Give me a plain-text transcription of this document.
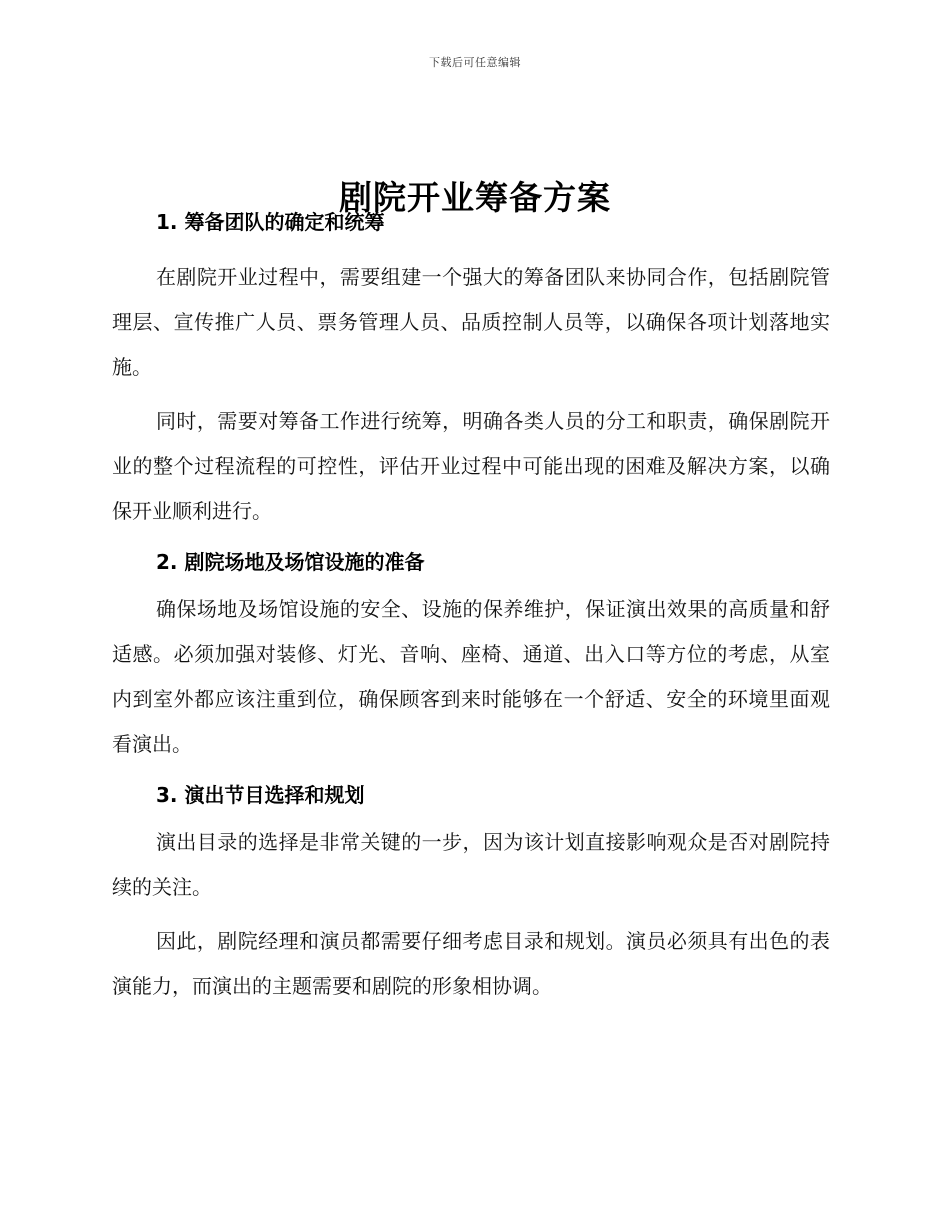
下载后可任意编辑
剧院开业筹备方案

1. 筹备团队的确定和统筹

在剧院开业过程中，需要组建一个强大的筹备团队来协同合作，包括剧院管理层、宣传推广人员、票务管理人员、品质控制人员等，以确保各项计划落地实施。

同时，需要对筹备工作进行统筹，明确各类人员的分工和职责，确保剧院开业的整个过程流程的可控性，评估开业过程中可能出现的困难及解决方案，以确保开业顺利进行。

2. 剧院场地及场馆设施的准备

确保场地及场馆设施的安全、设施的保养维护，保证演出效果的高质量和舒适感。必须加强对装修、灯光、音响、座椅、通道、出入口等方位的考虑，从室内到室外都应该注重到位，确保顾客到来时能够在一个舒适、安全的环境里面观看演出。

3. 演出节目选择和规划

演出目录的选择是非常关键的一步，因为该计划直接影响观众是否对剧院持续的关注。

因此，剧院经理和演员都需要仔细考虑目录和规划。演员必须具有出色的表演能力，而演出的主题需要和剧院的形象相协调。
